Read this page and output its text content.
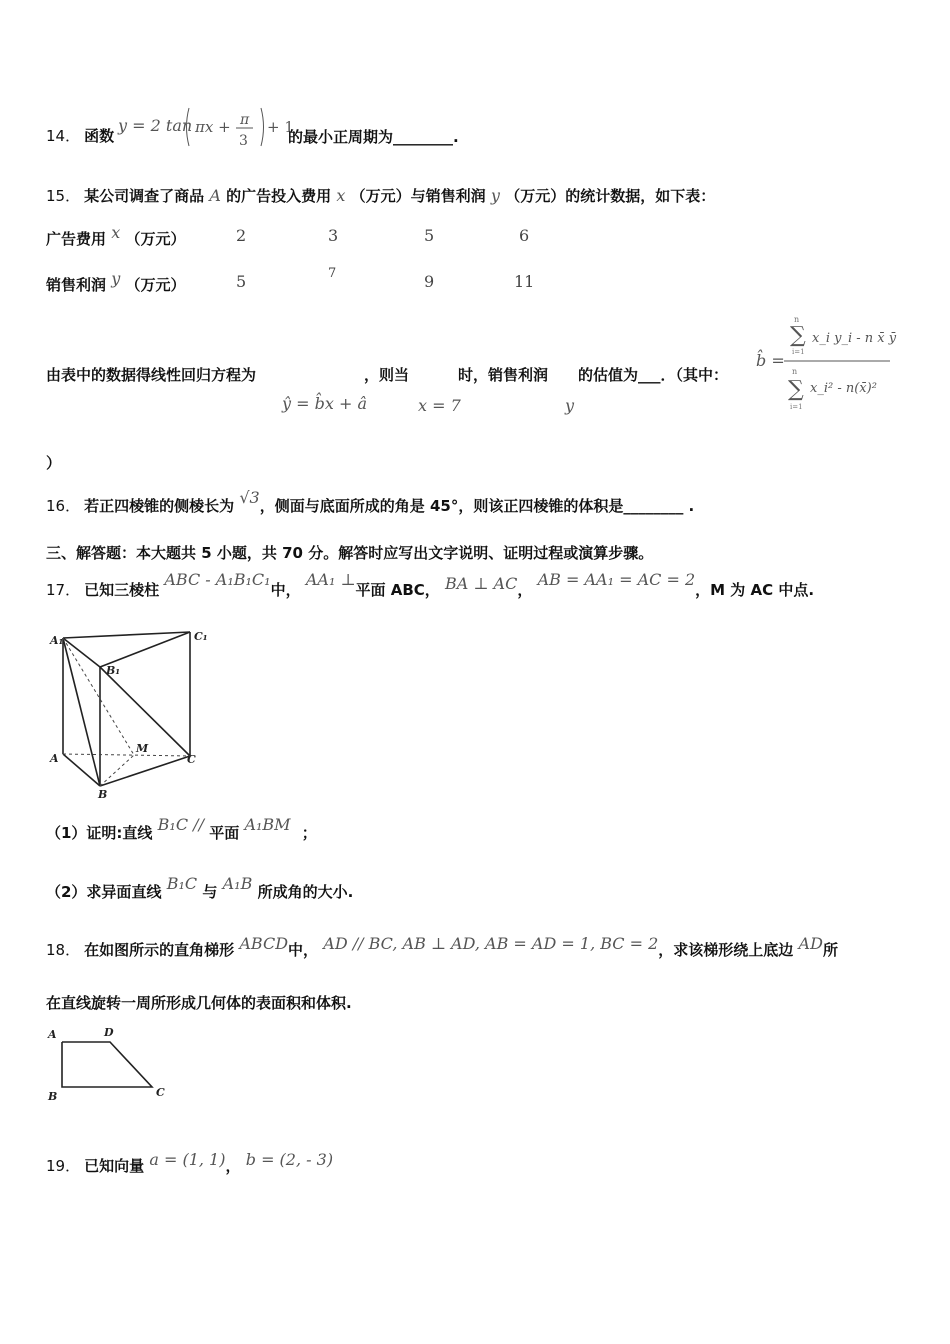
14． 函数
y = 2 tan πx + π
3
+ 1
的最小正周期为________.
15． 某公司调查了商品 A 的广告投入费用 x （万元）与销售利润 y （万元）的统计数据，如下表：
广告费用 x （万元）	2	3	5	6
销售利润 y （万元）	5	7	9	11
由表中的数据得线性回归方程为	，则当	时，销售利润 的估值为___．（其中：
ŷ = b̂x + â	x = 7	y
b̂ =
n
∑
i=1
x_i y_i - n x̄ ȳ
n
∑
i=1
x_i² - n(x̄)²
）
16． 若正四棱锥的侧棱长为 √3，侧面与底面所成的角是 45°，则该正四棱锥的体积是________ .
三、解答题：本大题共 5 小题，共 70 分。解答时应写出文字说明、证明过程或演算步骤。
17． 已知三棱柱 ABC - A₁B₁C₁中， AA₁ ⊥平面 ABC， BA ⊥ AC， AB = AA₁ = AC = 2，M 为 AC 中点.
A₁	C₁
B₁
M
A	C
B
（1）证明:直线 B₁C // 平面 A₁BM ；
（2）求异面直线 B₁C 与 A₁B 所成角的大小.
18． 在如图所示的直角梯形 ABCD中， AD // BC, AB ⊥ AD, AB = AD = 1, BC = 2，求该梯形绕上底边 AD所
在直线旋转一周所形成几何体的表面积和体积.
A	D
B	C
19． 已知向量 a = (1, 1)， b = (2, - 3)
